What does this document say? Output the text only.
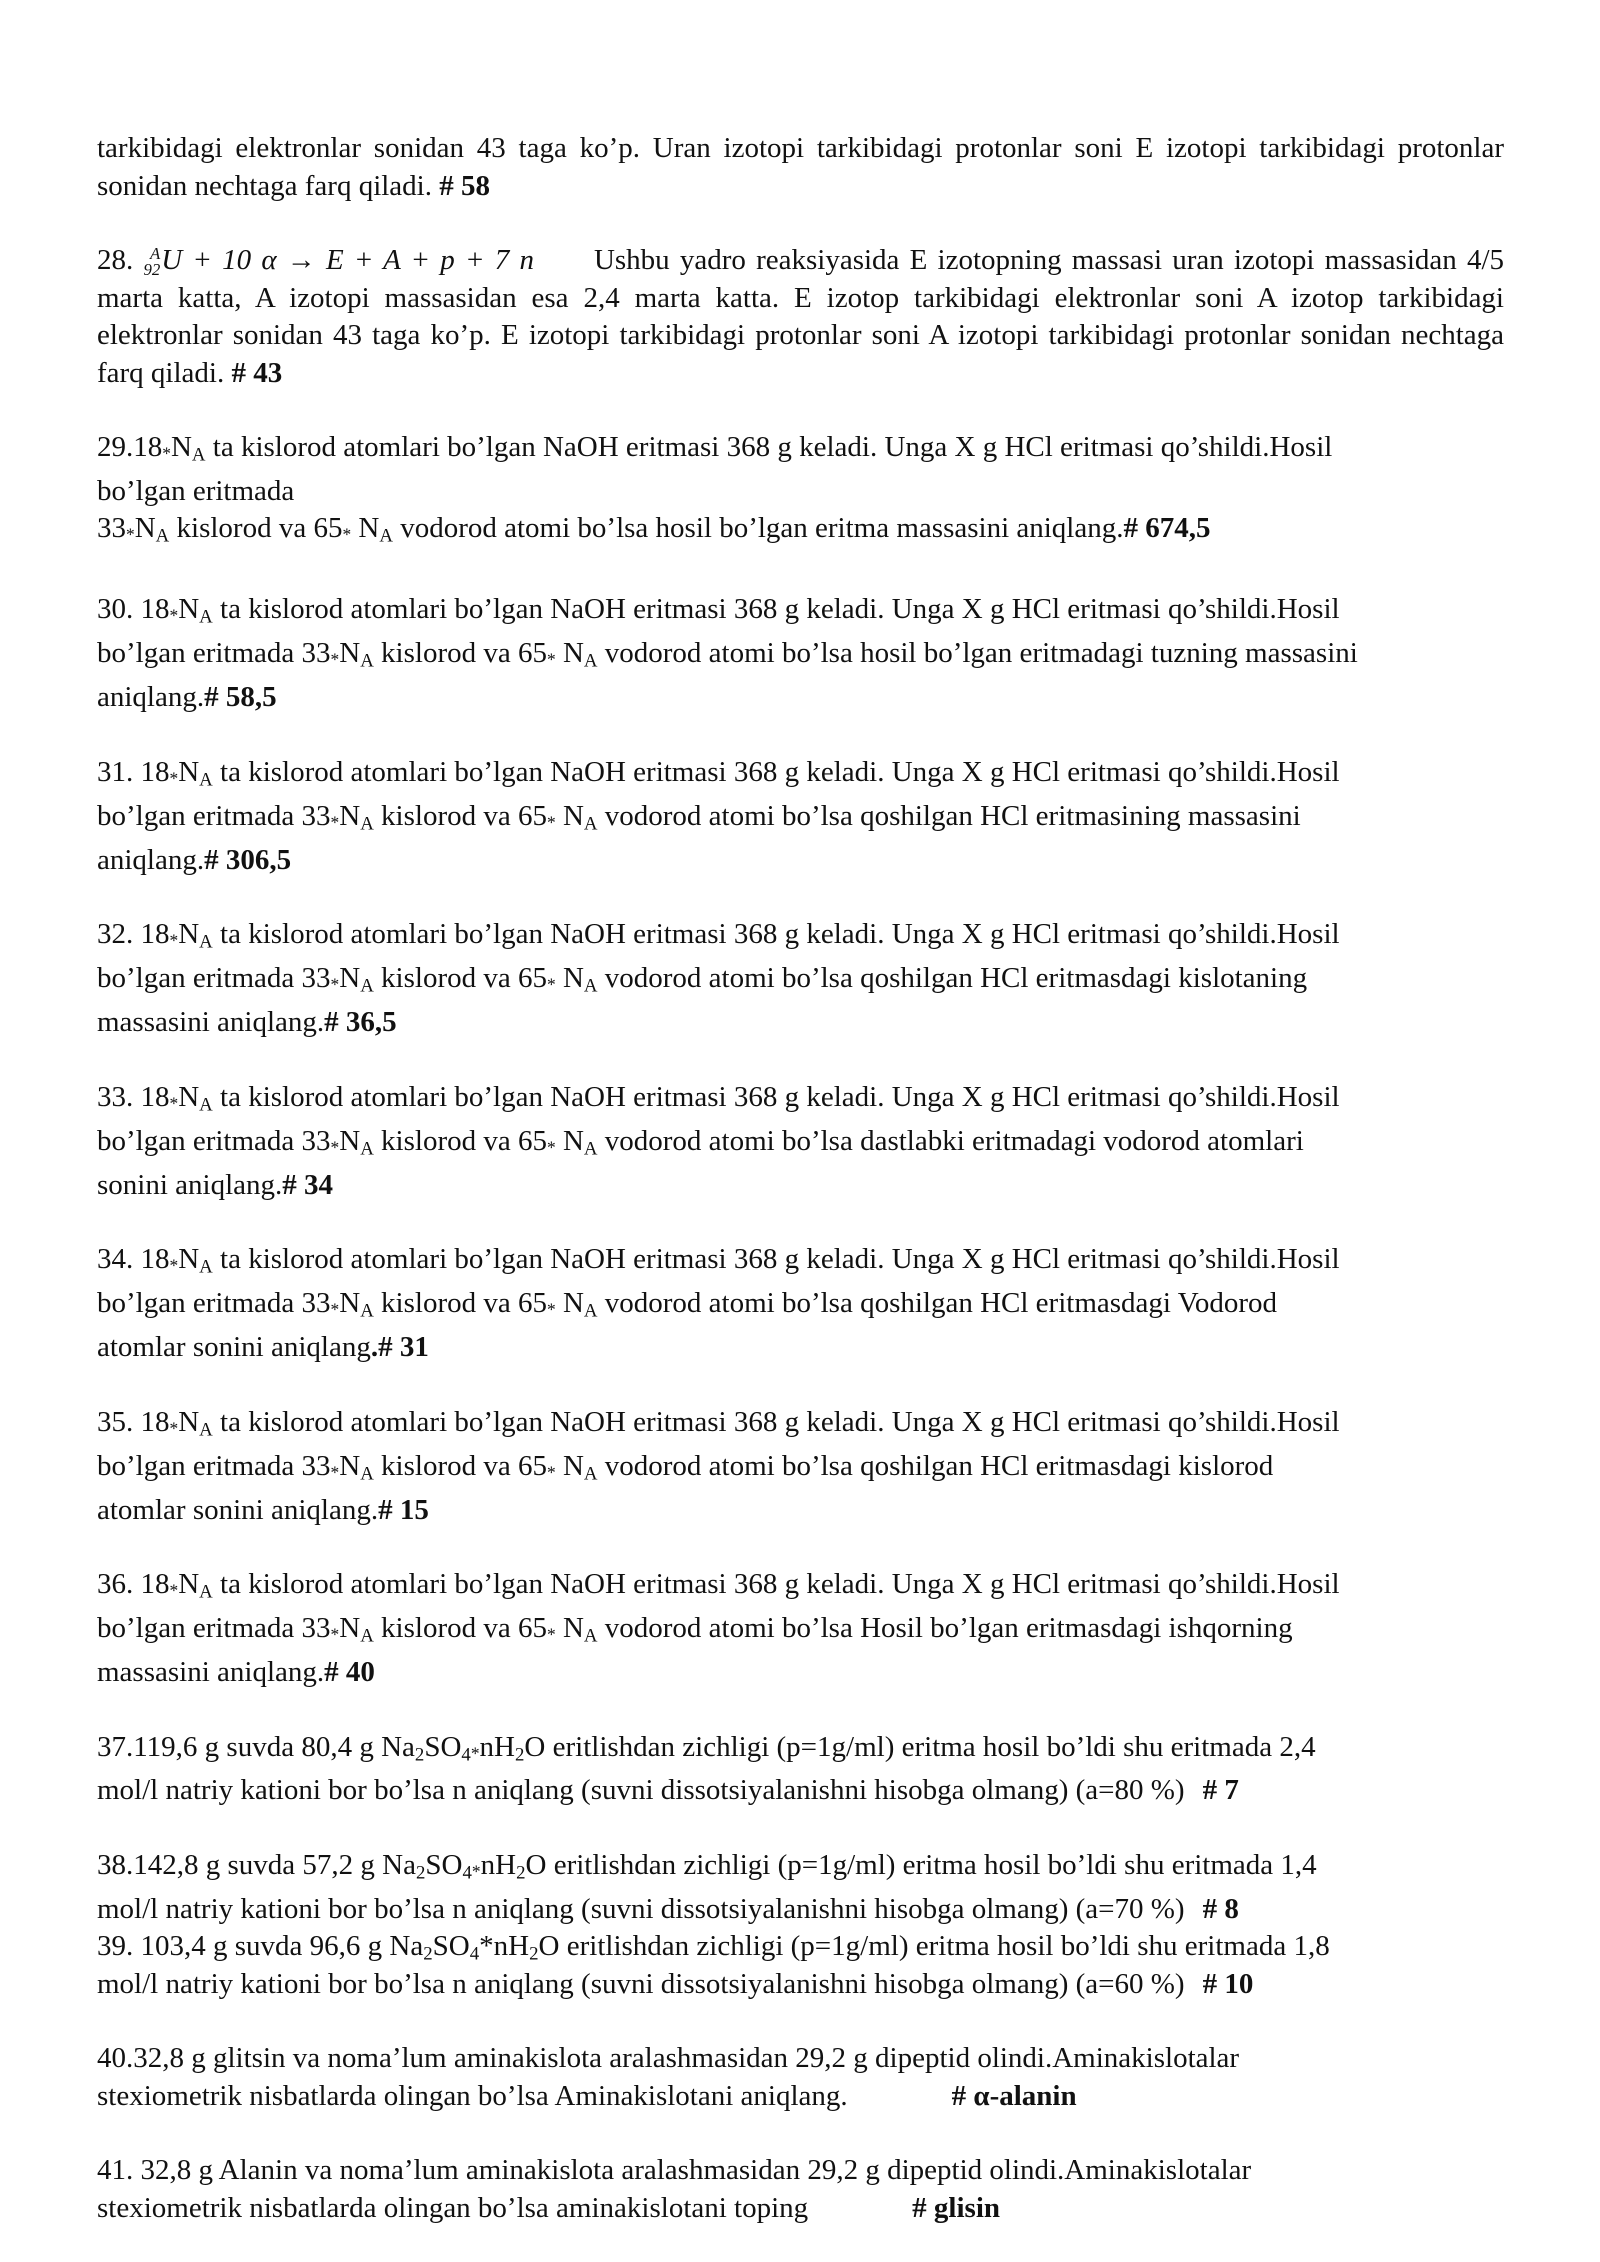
tarkibidagi elektronlar sonidan 43 taga ko’p. Uran izotopi tarkibidagi protonlar soni E izotopi tarkibidagi protonlar sonidan nechtaga farq qiladi. # 58

28. A
92 U + 10 α → E + A + p + 7 n Ushbu yadro reaksiyasida E izotopning massasi uran izotopi massasidan 4/5 marta katta, A izotopi massasidan esa 2,4 marta katta. E izotop tarkibidagi elektronlar soni A izotop tarkibidagi elektronlar sonidan 43 taga ko’p. E izotopi tarkibidagi protonlar soni A izotopi tarkibidagi protonlar sonidan nechtaga farq qiladi. # 43

$29.18*N_A$ ta kislorod atomlari bo’lgan NaOH eritmasi 368 g keladi. Unga X g HCl eritmasi qo’shildi.Hosil
bo’lgan eritmada
$33*N_A$ kislorod va 65* $N_A$ vodorod atomi bo’lsa hosil bo’lgan eritma massasini aniqlang.# 674,5

30. $18*N_A$ ta kislorod atomlari bo’lgan NaOH eritmasi 368 g keladi. Unga X g HCl eritmasi qo’shildi.Hosil
bo’lgan eritmada $33*N_A$ kislorod va 65* $N_A$ vodorod atomi bo’lsa hosil bo’lgan eritmadagi tuzning massasini
aniqlang.# 58,5

31. $18*N_A$ ta kislorod atomlari bo’lgan NaOH eritmasi 368 g keladi. Unga X g HCl eritmasi qo’shildi.Hosil
bo’lgan eritmada $33*N_A$ kislorod va 65* $N_A$ vodorod atomi bo’lsa qoshilgan HCl eritmasining massasini
aniqlang.# 306,5

32. $18*N_A$ ta kislorod atomlari bo’lgan NaOH eritmasi 368 g keladi. Unga X g HCl eritmasi qo’shildi.Hosil
bo’lgan eritmada $33*N_A$ kislorod va 65* $N_A$ vodorod atomi bo’lsa qoshilgan HCl eritmasdagi kislotaning
massasini aniqlang.# 36,5

33. $18*N_A$ ta kislorod atomlari bo’lgan NaOH eritmasi 368 g keladi. Unga X g HCl eritmasi qo’shildi.Hosil
bo’lgan eritmada $33*N_A$ kislorod va 65* $N_A$ vodorod atomi bo’lsa dastlabki eritmadagi vodorod atomlari
sonini aniqlang.# 34

34. $18*N_A$ ta kislorod atomlari bo’lgan NaOH eritmasi 368 g keladi. Unga X g HCl eritmasi qo’shildi.Hosil
bo’lgan eritmada $33*N_A$ kislorod va 65* $N_A$ vodorod atomi bo’lsa qoshilgan HCl eritmasdagi Vodorod
atomlar sonini aniqlang.# 31

35. $18*N_A$ ta kislorod atomlari bo’lgan NaOH eritmasi 368 g keladi. Unga X g HCl eritmasi qo’shildi.Hosil
bo’lgan eritmada $33*N_A$ kislorod va 65* $N_A$ vodorod atomi bo’lsa qoshilgan HCl eritmasdagi kislorod
atomlar sonini aniqlang.# 15

36. $18*N_A$ ta kislorod atomlari bo’lgan NaOH eritmasi 368 g keladi. Unga X g HCl eritmasi qo’shildi.Hosil
bo’lgan eritmada $33*N_A$ kislorod va 65* $N_A$ vodorod atomi bo’lsa Hosil bo’lgan eritmasdagi ishqorning
massasini aniqlang.# 40

37.119,6 g suvda 80,4 g $Na_2SO_4*nH_2O$ eritlishdan zichligi (p=1g/ml) eritma hosil bo’ldi shu eritmada 2,4
mol/l natriy kationi bor bo’lsa n aniqlang (suvni dissotsiyalanishni hisobga olmang) (a=80 %) # 7

38.142,8 g suvda 57,2 g $Na_2SO_4*nH_2O$ eritlishdan zichligi (p=1g/ml) eritma hosil bo’ldi shu eritmada 1,4
mol/l natriy kationi bor bo’lsa n aniqlang (suvni dissotsiyalanishni hisobga olmang) (a=70 %) # 8

39. 103,4 g suvda 96,6 g $Na_2SO_4*nH_2O$ eritlishdan zichligi (p=1g/ml) eritma hosil bo’ldi shu eritmada 1,8
mol/l natriy kationi bor bo’lsa n aniqlang (suvni dissotsiyalanishni hisobga olmang) (a=60 %) # 10

40.32,8 g glitsin va noma’lum aminakislota aralashmasidan 29,2 g dipeptid olindi.Aminakislotalar
stexiometrik nisbatlarda olingan bo’lsa Aminakislotani aniqlang.	# α-alanin

41. 32,8 g Alanin va noma’lum aminakislota aralashmasidan 29,2 g dipeptid olindi.Aminakislotalar
stexiometrik nisbatlarda olingan bo’lsa aminakislotani toping	# glisin
